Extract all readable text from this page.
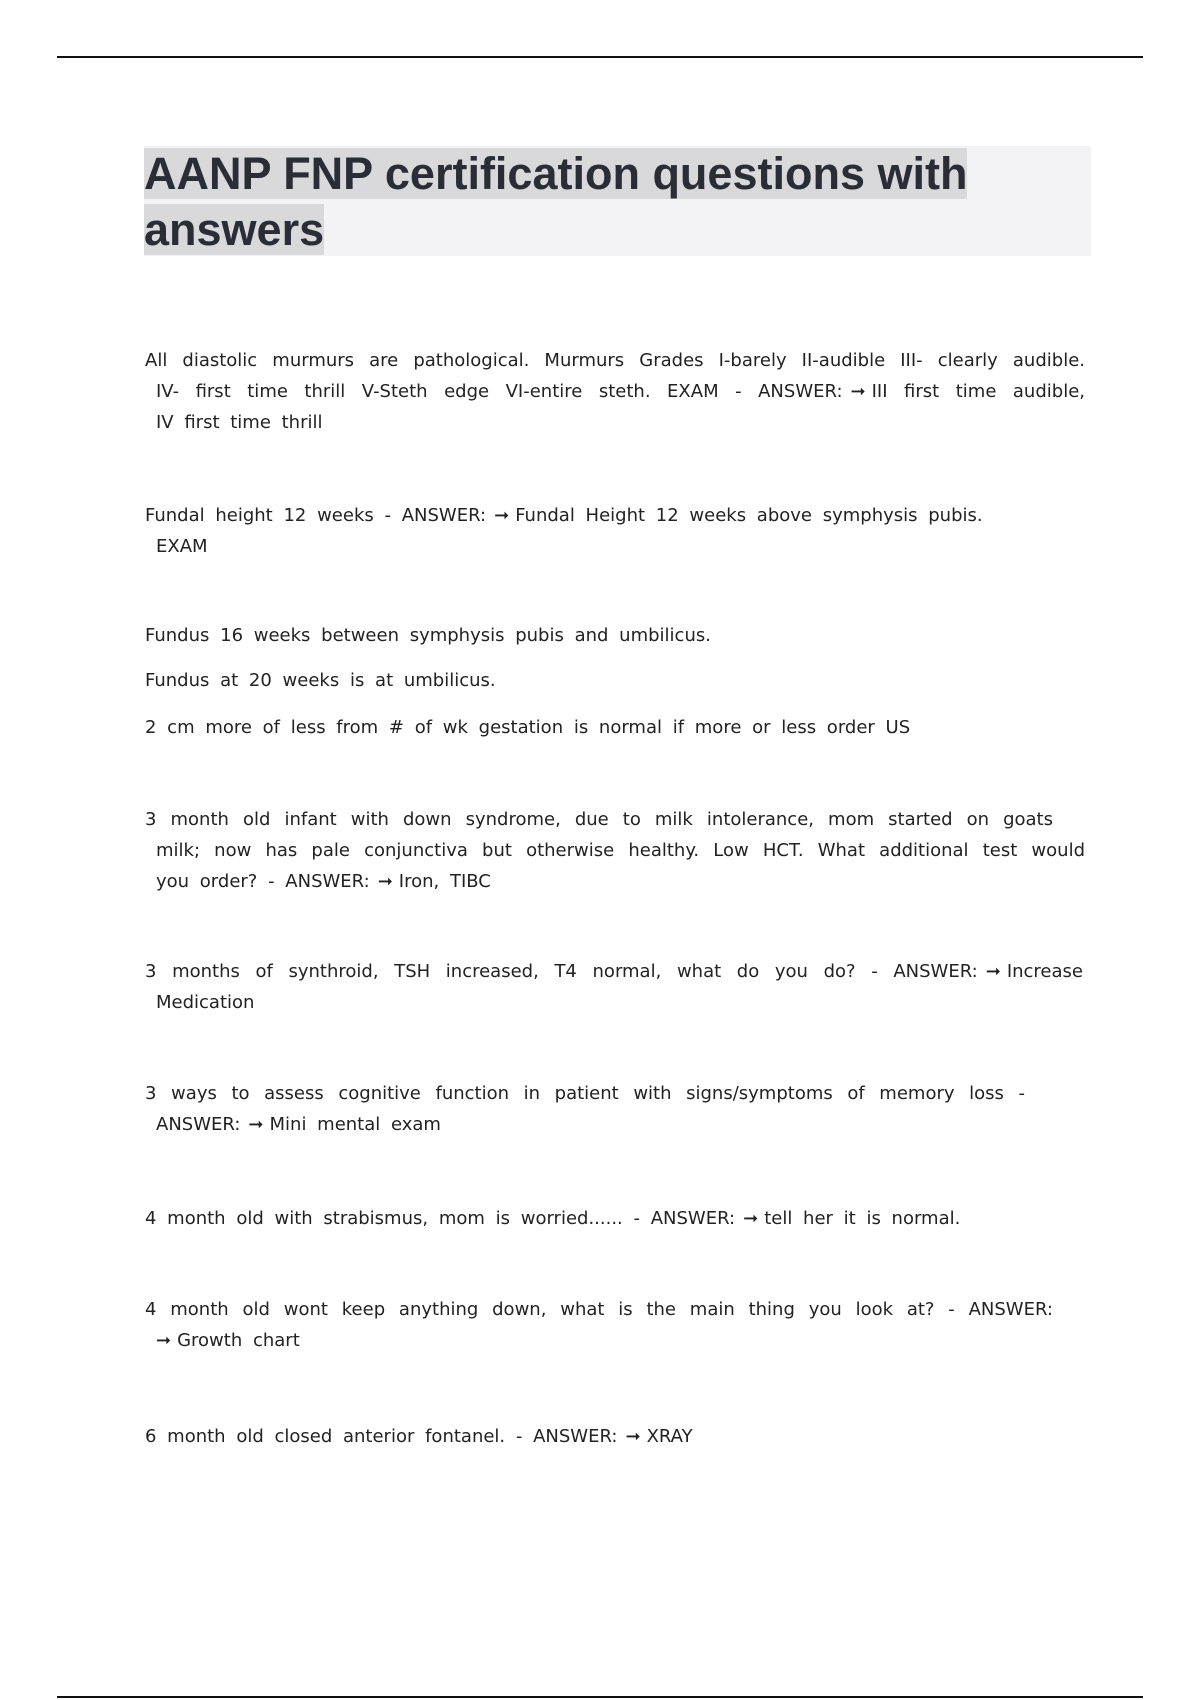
AANP FNP certification questions with
answers
All diastolic murmurs are pathological. Murmurs Grades I-barely II-audible III- clearly audible.
IV- first time thrill V-Steth edge VI-entire steth. EXAM - ANSWER: ➞ III first time audible,
IV first time thrill
Fundal height 12 weeks - ANSWER: ➞ Fundal Height 12 weeks above symphysis pubis.
EXAM
Fundus 16 weeks between symphysis pubis and umbilicus.
Fundus at 20 weeks is at umbilicus.
2 cm more of less from # of wk gestation is normal if more or less order US
3 month old infant with down syndrome, due to milk intolerance, mom started on goats
milk; now has pale conjunctiva but otherwise healthy. Low HCT. What additional test would
you order? - ANSWER: ➞ Iron, TIBC
3 months of synthroid, TSH increased, T4 normal, what do you do? - ANSWER: ➞ Increase
Medication
3 ways to assess cognitive function in patient with signs/symptoms of memory loss -
ANSWER: ➞ Mini mental exam
4 month old with strabismus, mom is worried...... - ANSWER: ➞ tell her it is normal.
4 month old wont keep anything down, what is the main thing you look at? - ANSWER:
➞ Growth chart
6 month old closed anterior fontanel. - ANSWER: ➞ XRAY
